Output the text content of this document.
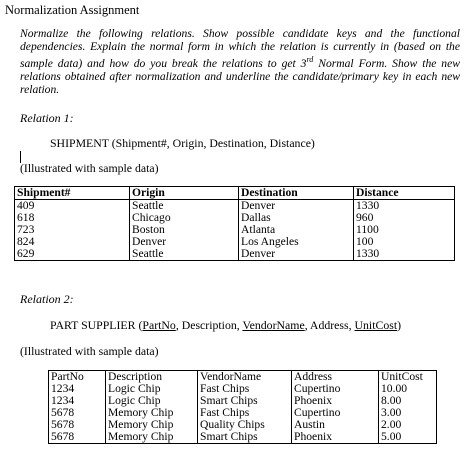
Normalization Assignment
Normalize the following relations. Show possible candidate keys and the functional dependencies. Explain the normal form in which the relation is currently in (based on the sample data) and how do you break the relations to get 3rd Normal Form. Show the new relations obtained after normalization and underline the candidate/primary key in each new relation.
Relation 1:
SHIPMENT (Shipment#, Origin, Destination, Distance)
(Illustrated with sample data)
Shipment#	Origin	Destination	Distance
409	Seattle	Denver	1330
618	Chicago	Dallas	960
723	Boston	Atlanta	1100
824	Denver	Los Angeles	100
629	Seattle	Denver	1330
Relation 2:
PART SUPPLIER (PartNo, Description, VendorName, Address, UnitCost)
(Illustrated with sample data)
PartNo	Description	VendorName	Address	UnitCost
1234	Logic Chip	Fast Chips	Cupertino	10.00
1234	Logic Chip	Smart Chips	Phoenix	8.00
5678	Memory Chip	Fast Chips	Cupertino	3.00
5678	Memory Chip	Quality Chips	Austin	2.00
5678	Memory Chip	Smart Chips	Phoenix	5.00
